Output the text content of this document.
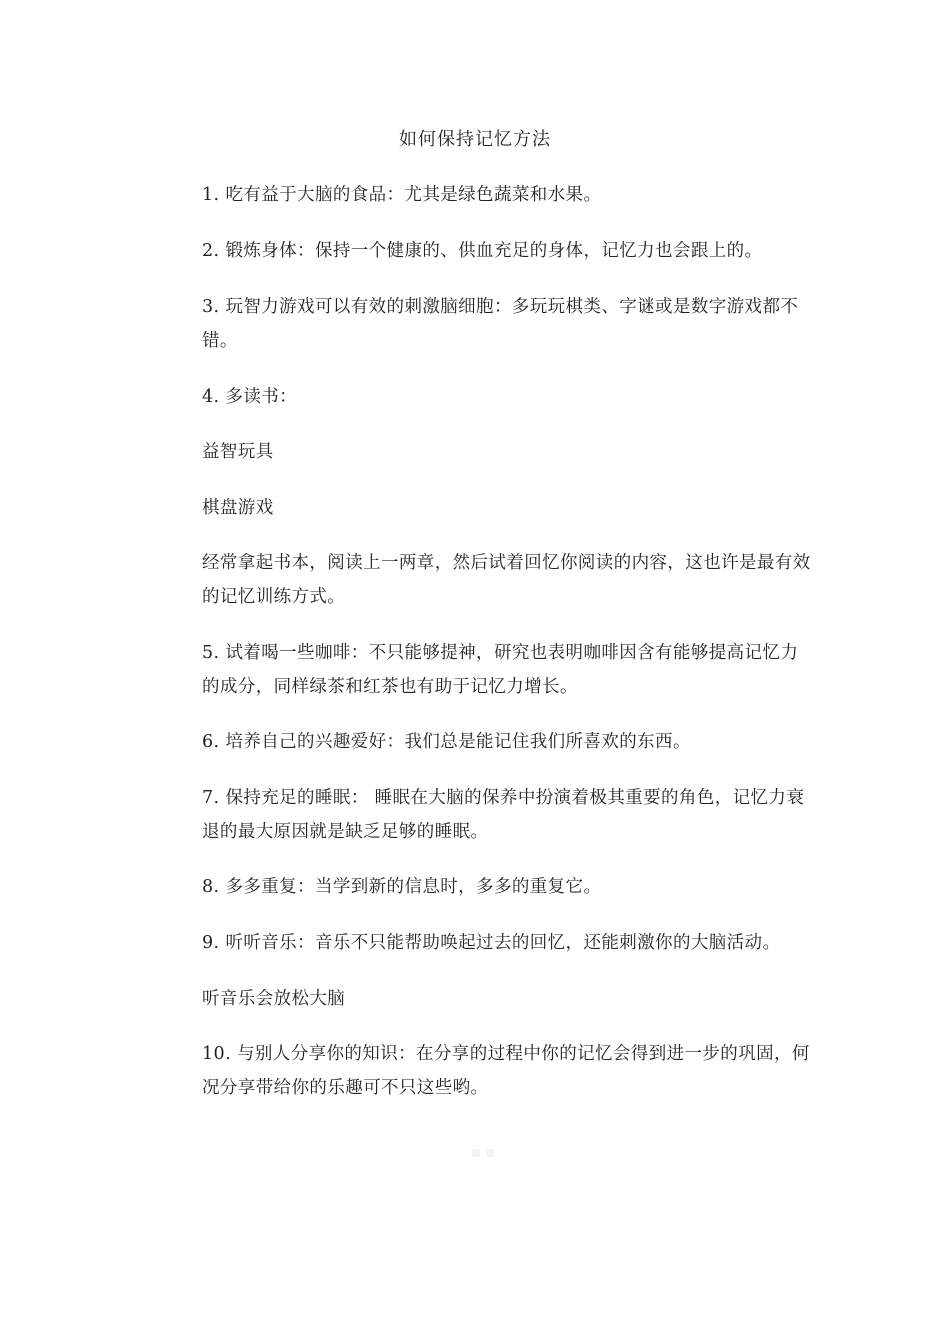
如何保持记忆方法

1. 吃有益于大脑的食品：尤其是绿色蔬菜和水果。

2. 锻炼身体：保持一个健康的、供血充足的身体，记忆力也会跟上的。

3. 玩智力游戏可以有效的刺激脑细胞：多玩玩棋类、字谜或是数字游戏都不错。

4. 多读书：

益智玩具

棋盘游戏

经常拿起书本，阅读上一两章，然后试着回忆你阅读的内容，这也许是最有效的记忆训练方式。

5. 试着喝一些咖啡：不只能够提神，研究也表明咖啡因含有能够提高记忆力的成分，同样绿茶和红茶也有助于记忆力增长。

6. 培养自己的兴趣爱好：我们总是能记住我们所喜欢的东西。

7. 保持充足的睡眠： 睡眠在大脑的保养中扮演着极其重要的角色，记忆力衰退的最大原因就是缺乏足够的睡眠。

8. 多多重复：当学到新的信息时，多多的重复它。

9. 听听音乐：音乐不只能帮助唤起过去的回忆，还能刺激你的大脑活动。

听音乐会放松大脑

10. 与别人分享你的知识：在分享的过程中你的记忆会得到进一步的巩固，何况分享带给你的乐趣可不只这些哟。
